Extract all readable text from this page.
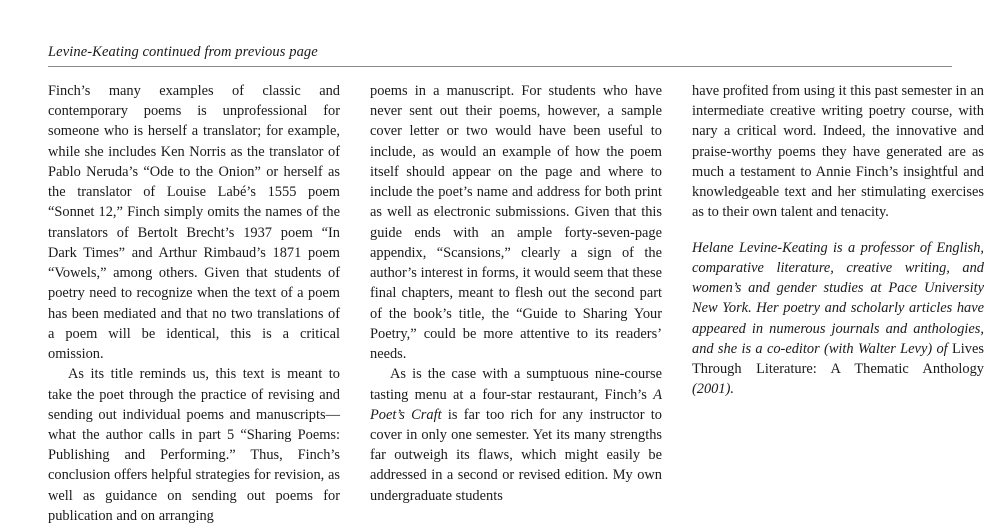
Levine-Keating continued from previous page

Finch’s many examples of classic and contemporary poems is unprofessional for someone who is herself a translator; for example, while she includes Ken Norris as the translator of Pablo Neruda’s “Ode to the Onion” or herself as the translator of Louise Labé’s 1555 poem “Sonnet 12,” Finch simply omits the names of the translators of Bertolt Brecht’s 1937 poem “In Dark Times” and Arthur Rimbaud’s 1871 poem “Vowels,” among others. Given that students of poetry need to recognize when the text of a poem has been mediated and that no two translations of a poem will be identical, this is a critical omission.

As its title reminds us, this text is meant to take the poet through the practice of revising and sending out individual poems and manuscripts—what the author calls in part 5 “Sharing Poems: Publishing and Performing.” Thus, Finch’s conclusion offers helpful strategies for revision, as well as guidance on sending out poems for publication and on arranging

poems in a manuscript. For students who have never sent out their poems, however, a sample cover letter or two would have been useful to include, as would an example of how the poem itself should appear on the page and where to include the poet’s name and address for both print as well as electronic submissions. Given that this guide ends with an ample forty-seven-page appendix, “Scansions,” clearly a sign of the author’s interest in forms, it would seem that these final chapters, meant to flesh out the second part of the book’s title, the “Guide to Sharing Your Poetry,” could be more attentive to its readers’ needs.

As is the case with a sumptuous nine-course tasting menu at a four-star restaurant, Finch’s A Poet’s Craft is far too rich for any instructor to cover in only one semester. Yet its many strengths far outweigh its flaws, which might easily be addressed in a second or revised edition. My own undergraduate students

have profited from using it this past semester in an intermediate creative writing poetry course, with nary a critical word. Indeed, the innovative and praise-worthy poems they have generated are as much a testament to Annie Finch’s insightful and knowledgeable text and her stimulating exercises as to their own talent and tenacity.

Helane Levine-Keating is a professor of English, comparative literature, creative writing, and women’s and gender studies at Pace University New York. Her poetry and scholarly articles have appeared in numerous journals and anthologies, and she is a co-editor (with Walter Levy) of Lives Through Literature: A Thematic Anthology (2001).
